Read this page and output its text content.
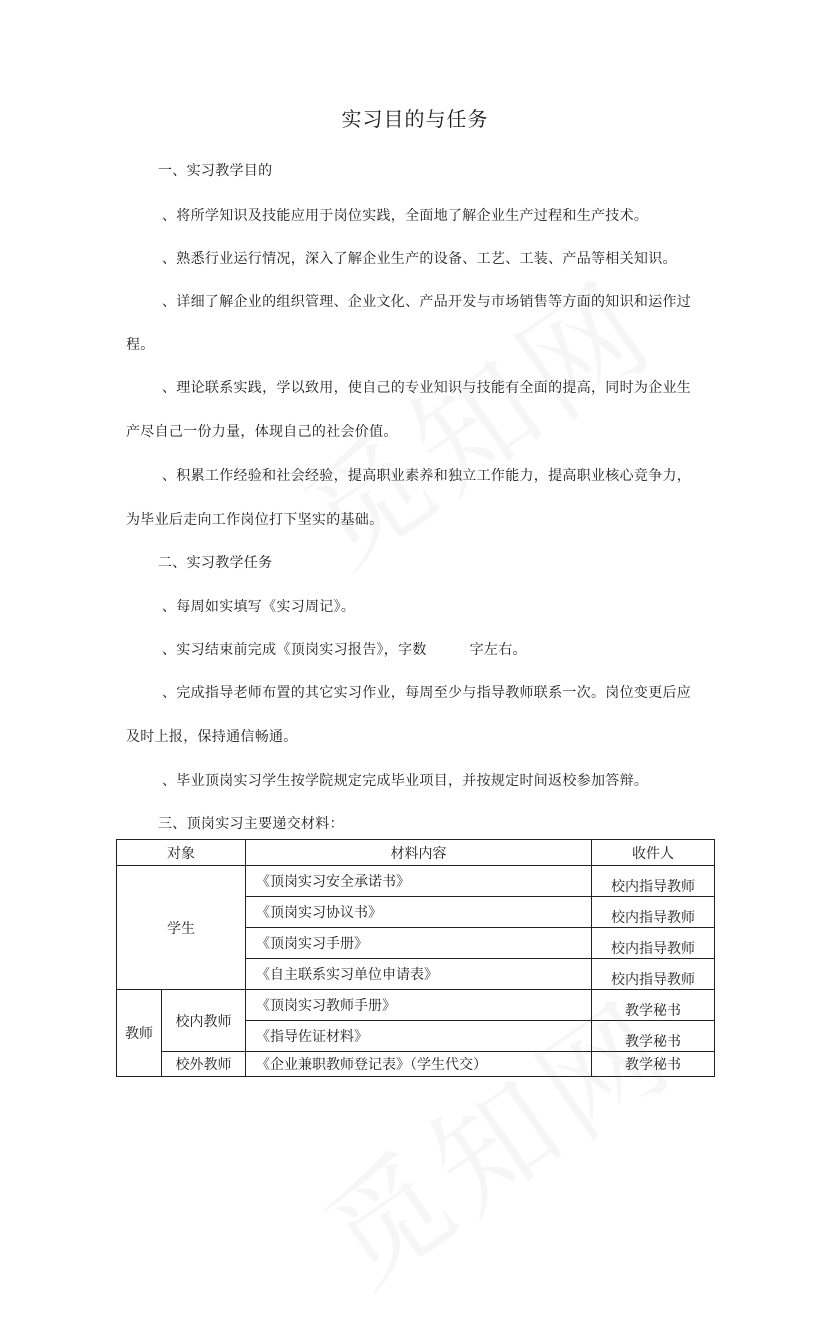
实习目的与任务
一、实习教学目的
、将所学知识及技能应用于岗位实践，全面地了解企业生产过程和生产技术。
、熟悉行业运行情况，深入了解企业生产的设备、工艺、工装、产品等相关知识。
、详细了解企业的组织管理、企业文化、产品开发与市场销售等方面的知识和运作过
程。
、理论联系实践，学以致用，使自己的专业知识与技能有全面的提高，同时为企业生
产尽自己一份力量，体现自己的社会价值。
、积累工作经验和社会经验，提高职业素养和独立工作能力，提高职业核心竞争力，
为毕业后走向工作岗位打下坚实的基础。
二、实习教学任务
、每周如实填写《实习周记》。
、实习结束前完成《顶岗实习报告》，字数　　　字左右。
、完成指导老师布置的其它实习作业，每周至少与指导教师联系一次。岗位变更后应
及时上报，保持通信畅通。
、毕业顶岗实习学生按学院规定完成毕业项目，并按规定时间返校参加答辩。
三、顶岗实习主要递交材料：
对象		材料内容	收件人
学生		《顶岗实习安全承诺书》	校内指导教师
		《顶岗实习协议书》	校内指导教师
		《顶岗实习手册》	校内指导教师
		《自主联系实习单位申请表》	校内指导教师
教师	校内教师	《顶岗实习教师手册》	教学秘书
		《指导佐证材料》	教学秘书
	校外教师	《企业兼职教师登记表》（学生代交）	教学秘书
